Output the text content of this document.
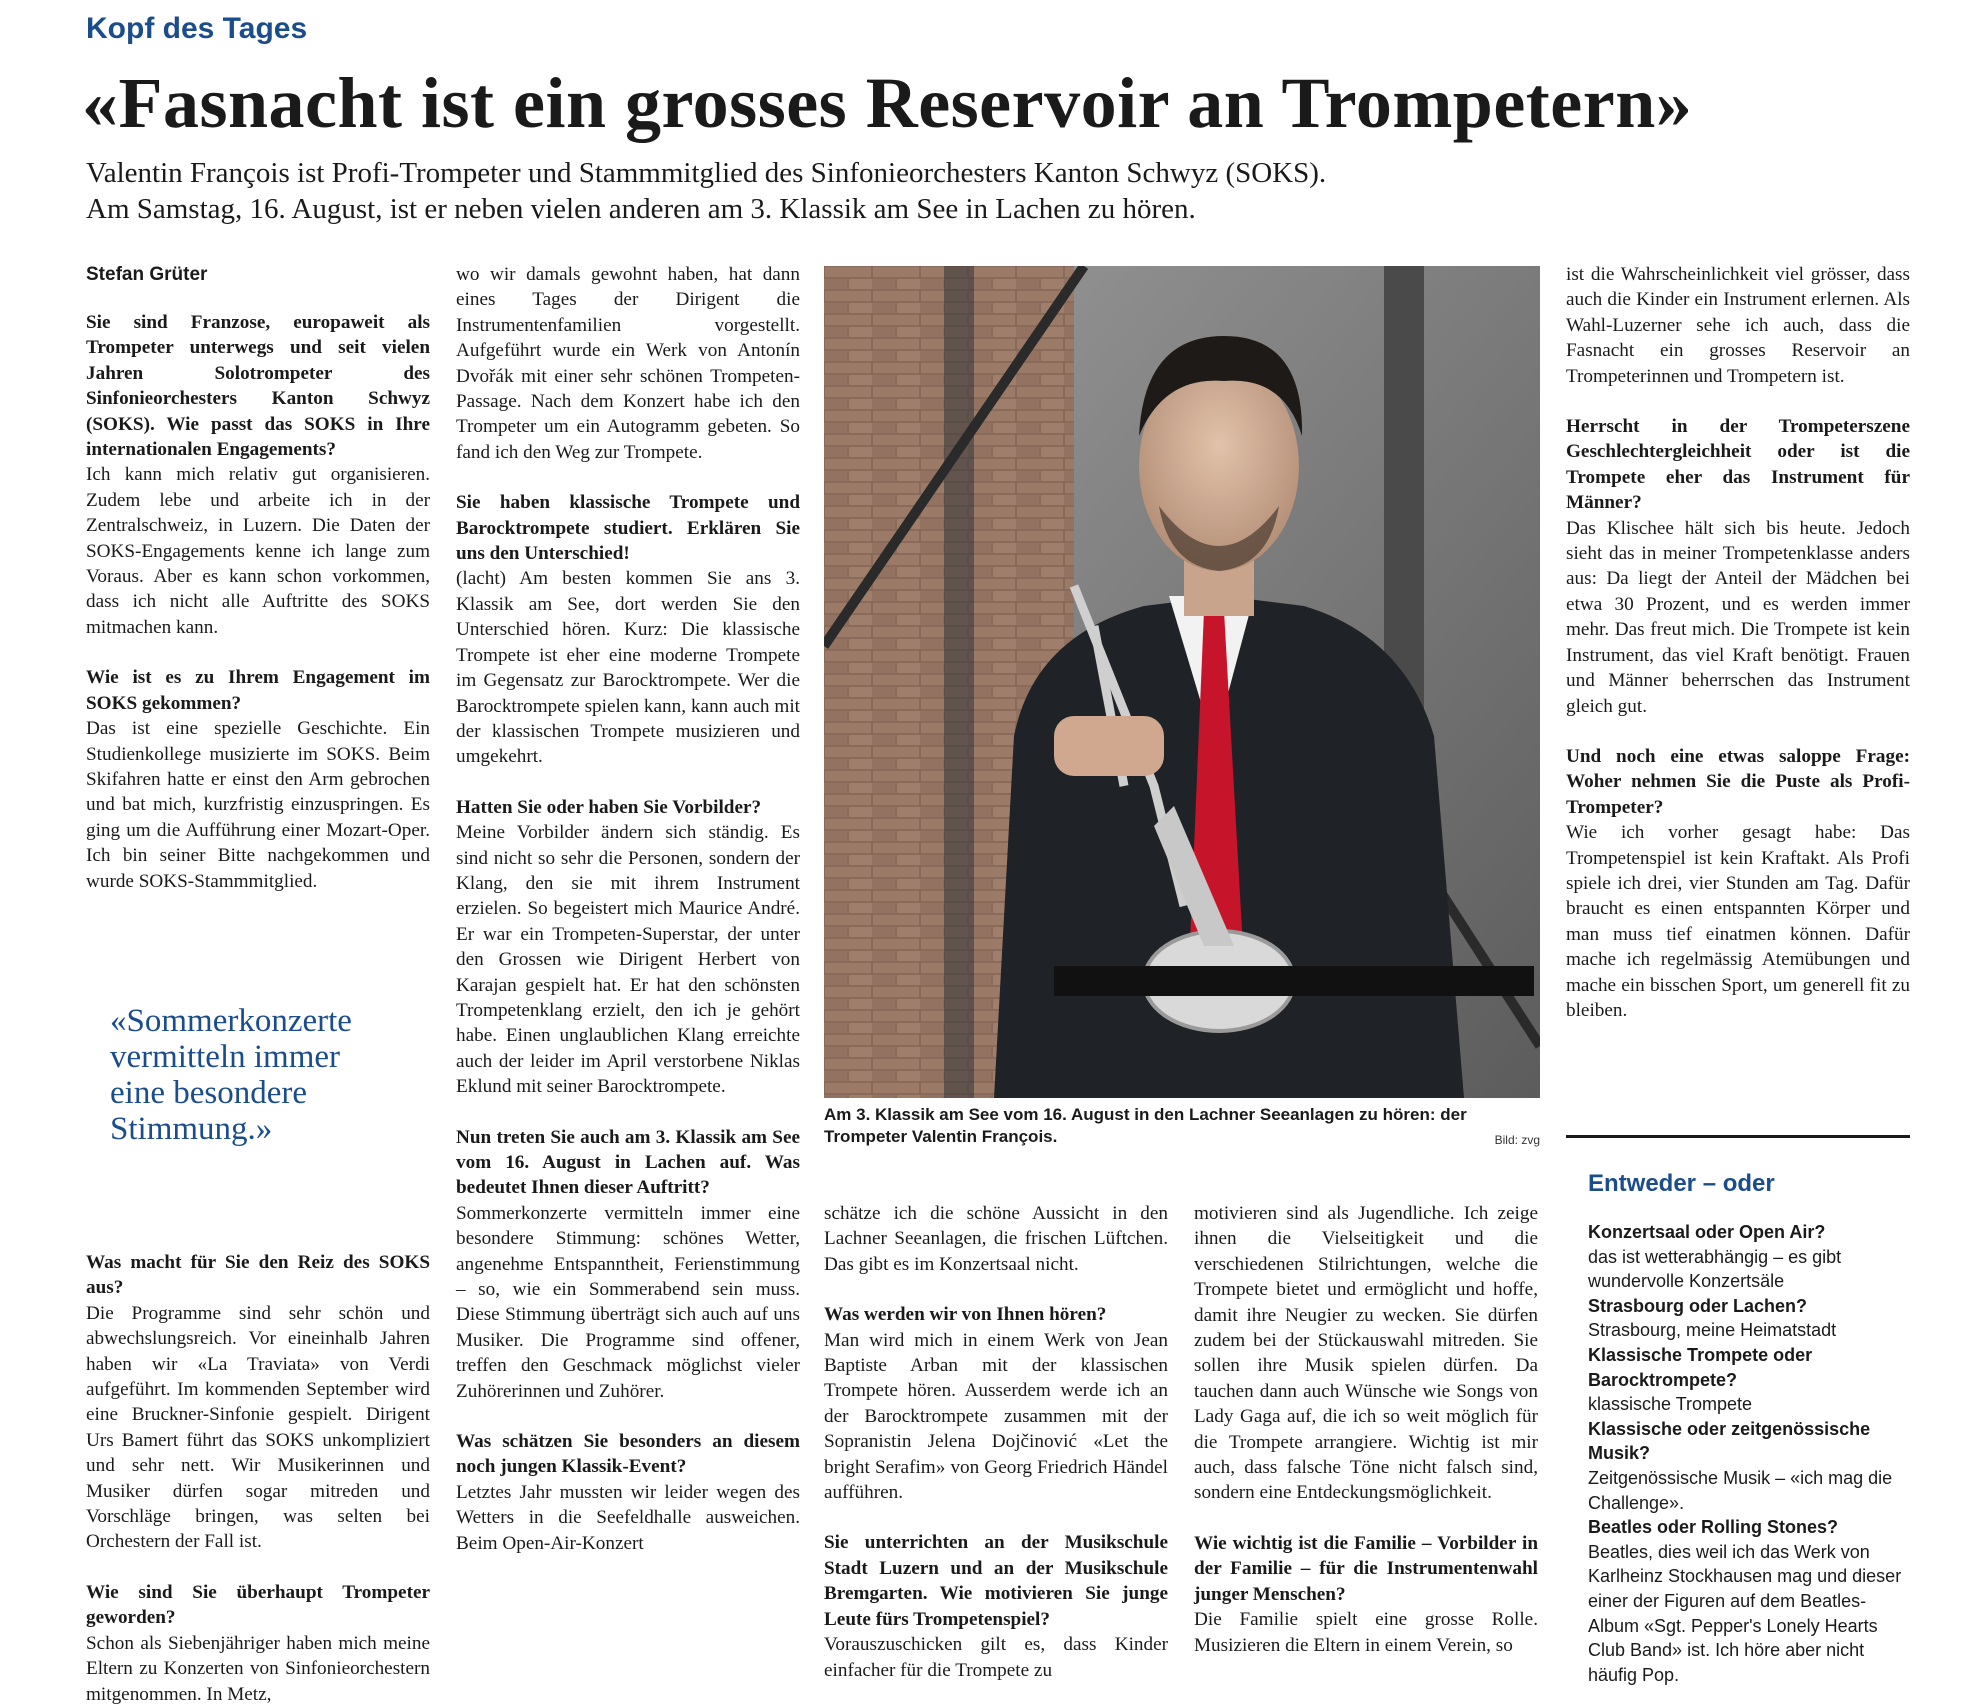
Kopf des Tages
«Fasnacht ist ein grosses Reservoir an Trompetern»
Valentin François ist Profi-Trompeter und Stammmitglied des Sinfonieorchesters Kanton Schwyz (SOKS).
Am Samstag, 16. August, ist er neben vielen anderen am 3. Klassik am See in Lachen zu hören.
Stefan Grüter

Sie sind Franzose, europaweit als Trompeter unterwegs und seit vielen Jahren Solotrompeter des Sinfonieorchesters Kanton Schwyz (SOKS). Wie passt das SOKS in Ihre internationalen Engagements?

Ich kann mich relativ gut organisieren. Zudem lebe und arbeite ich in der Zentralschweiz, in Luzern. Die Daten der SOKS-Engagements kenne ich lange zum Voraus. Aber es kann schon vorkommen, dass ich nicht alle Auftritte des SOKS mitmachen kann.

Wie ist es zu Ihrem Engagement im SOKS gekommen?

Das ist eine spezielle Geschichte. Ein Studienkollege musizierte im SOKS. Beim Skifahren hatte er einst den Arm gebrochen und bat mich, kurzfristig einzuspringen. Es ging um die Aufführung einer Mozart-Oper. Ich bin seiner Bitte nachgekommen und wurde SOKS-Stammmitglied.

«Sommerkonzerte vermitteln immer eine besondere Stimmung.»

Was macht für Sie den Reiz des SOKS aus?

Die Programme sind sehr schön und abwechslungsreich. Vor eineinhalb Jahren haben wir «La Traviata» von Verdi aufgeführt. Im kommenden September wird eine Bruckner-Sinfonie gespielt. Dirigent Urs Bamert führt das SOKS unkompliziert und sehr nett. Wir Musikerinnen und Musiker dürfen sogar mitreden und Vorschläge bringen, was selten bei Orchestern der Fall ist.

Wie sind Sie überhaupt Trompeter geworden?

Schon als Siebenjähriger haben mich meine Eltern zu Konzerten von Sinfonieorchestern mitgenommen. In Metz,

wo wir damals gewohnt haben, hat dann eines Tages der Dirigent die Instrumentenfamilien vorgestellt. Aufgeführt wurde ein Werk von Antonín Dvořák mit einer sehr schönen Trompeten-Passage. Nach dem Konzert habe ich den Trompeter um ein Autogramm gebeten. So fand ich den Weg zur Trompete.

Sie haben klassische Trompete und Barocktrompete studiert. Erklären Sie uns den Unterschied!

(lacht) Am besten kommen Sie ans 3. Klassik am See, dort werden Sie den Unterschied hören. Kurz: Die klassische Trompete ist eher eine moderne Trompete im Gegensatz zur Barocktrompete. Wer die Barocktrompete spielen kann, kann auch mit der klassischen Trompete musizieren und umgekehrt.

Hatten Sie oder haben Sie Vorbilder?

Meine Vorbilder ändern sich ständig. Es sind nicht so sehr die Personen, sondern der Klang, den sie mit ihrem Instrument erzielen. So begeistert mich Maurice André. Er war ein Trompeten-Superstar, der unter den Grossen wie Dirigent Herbert von Karajan gespielt hat. Er hat den schönsten Trompetenklang erzielt, den ich je gehört habe. Einen unglaublichen Klang erreichte auch der leider im April verstorbene Niklas Eklund mit seiner Barocktrompete.

Nun treten Sie auch am 3. Klassik am See vom 16. August in Lachen auf. Was bedeutet Ihnen dieser Auftritt?

Sommerkonzerte vermitteln immer eine besondere Stimmung: schönes Wetter, angenehme Entspanntheit, Ferienstimmung – so, wie ein Sommerabend sein muss. Diese Stimmung überträgt sich auch auf uns Musiker. Die Programme sind offener, treffen den Geschmack möglichst vieler Zuhörerinnen und Zuhörer.

Was schätzen Sie besonders an diesem noch jungen Klassik-Event?

Letztes Jahr mussten wir leider wegen des Wetters in die Seefeldhalle ausweichen. Beim Open-Air-Konzert

Am 3. Klassik am See vom 16. August in den Lachner Seeanlagen zu hören: der Trompeter Valentin François.	Bild: zvg

schätze ich die schöne Aussicht in den Lachner Seeanlagen, die frischen Lüftchen. Das gibt es im Konzertsaal nicht.

Was werden wir von Ihnen hören?

Man wird mich in einem Werk von Jean Baptiste Arban mit der klassischen Trompete hören. Ausserdem werde ich an der Barocktrompete zusammen mit der Sopranistin Jelena Dojčinović «Let the bright Serafim» von Georg Friedrich Händel aufführen.

Sie unterrichten an der Musikschule Stadt Luzern und an der Musikschule Bremgarten. Wie motivieren Sie junge Leute fürs Trompetenspiel?

Vorauszuschicken gilt es, dass Kinder einfacher für die Trompete zu

motivieren sind als Jugendliche. Ich zeige ihnen die Vielseitigkeit und die verschiedenen Stilrichtungen, welche die Trompete bietet und ermöglicht und hoffe, damit ihre Neugier zu wecken. Sie dürfen zudem bei der Stückauswahl mitreden. Sie sollen ihre Musik spielen dürfen. Da tauchen dann auch Wünsche wie Songs von Lady Gaga auf, die ich so weit möglich für die Trompete arrangiere. Wichtig ist mir auch, dass falsche Töne nicht falsch sind, sondern eine Entdeckungsmöglichkeit.

Wie wichtig ist die Familie – Vorbilder in der Familie – für die Instrumentenwahl junger Menschen?

Die Familie spielt eine grosse Rolle. Musizieren die Eltern in einem Verein, so

ist die Wahrscheinlichkeit viel grösser, dass auch die Kinder ein Instrument erlernen. Als Wahl-Luzerner sehe ich auch, dass die Fasnacht ein grosses Reservoir an Trompeterinnen und Trompetern ist.

Herrscht in der Trompeterszene Geschlechtergleichheit oder ist die Trompete eher das Instrument für Männer?

Das Klischee hält sich bis heute. Jedoch sieht das in meiner Trompetenklasse anders aus: Da liegt der Anteil der Mädchen bei etwa 30 Prozent, und es werden immer mehr. Das freut mich. Die Trompete ist kein Instrument, das viel Kraft benötigt. Frauen und Männer beherrschen das Instrument gleich gut.

Und noch eine etwas saloppe Frage: Woher nehmen Sie die Puste als Profi-Trompeter?

Wie ich vorher gesagt habe: Das Trompetenspiel ist kein Kraftakt. Als Profi spiele ich drei, vier Stunden am Tag. Dafür braucht es einen entspannten Körper und man muss tief einatmen können. Dafür mache ich regelmässig Atemübungen und mache ein bisschen Sport, um generell fit zu bleiben.

Entweder – oder
Konzertsaal oder Open Air?
das ist wetterabhängig – es gibt wundervolle Konzertsäle
Strasbourg oder Lachen?
Strasbourg, meine Heimatstadt
Klassische Trompete oder Barocktrompete?
klassische Trompete
Klassische oder zeitgenössische Musik?
Zeitgenössische Musik – «ich mag die Challenge».
Beatles oder Rolling Stones?
Beatles, dies weil ich das Werk von Karlheinz Stockhausen mag und dieser einer der Figuren auf dem Beatles-Album «Sgt. Pepper's Lonely Hearts Club Band» ist. Ich höre aber nicht häufig Pop.
